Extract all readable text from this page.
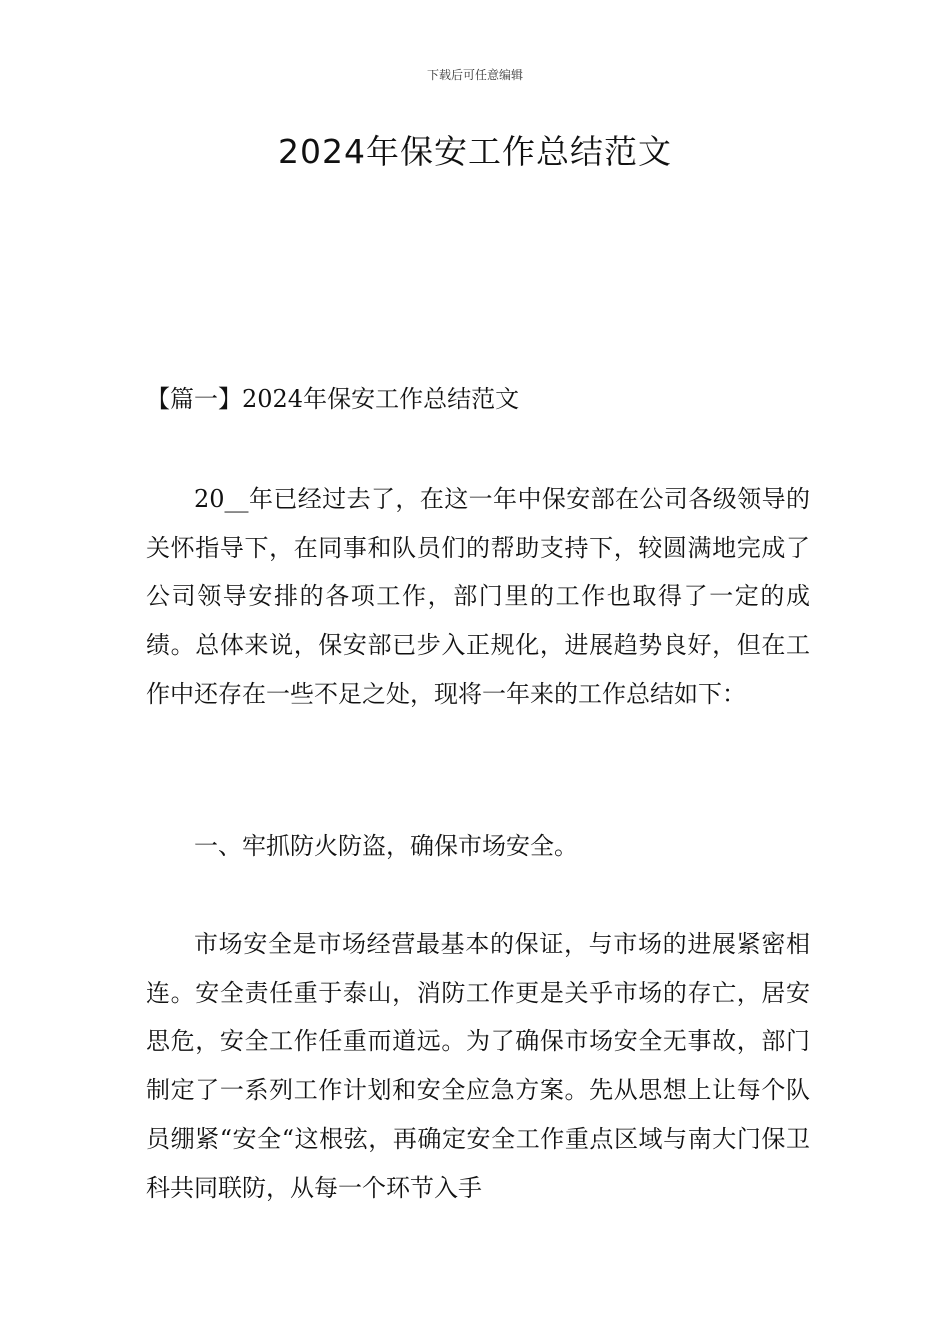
下载后可任意编辑
2024年保安工作总结范文

【篇一】2024年保安工作总结范文

20__年已经过去了，在这一年中保安部在公司各级领导的关怀指导下，在同事和队员们的帮助支持下，较圆满地完成了公司领导安排的各项工作，部门里的工作也取得了一定的成绩。总体来说，保安部已步入正规化，进展趋势良好，但在工作中还存在一些不足之处，现将一年来的工作总结如下：

一、牢抓防火防盗，确保市场安全。

市场安全是市场经营最基本的保证，与市场的进展紧密相连。安全责任重于泰山，消防工作更是关乎市场的存亡，居安思危，安全工作任重而道远。为了确保市场安全无事故，部门制定了一系列工作计划和安全应急方案。先从思想上让每个队员绷紧“安全“这根弦，再确定安全工作重点区域与南大门保卫科共同联防，从每一个环节入手
